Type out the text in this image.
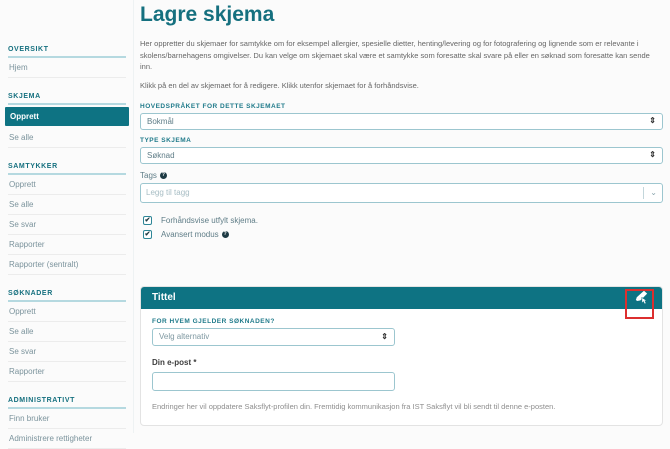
OVERSIKT
Hjem
SKJEMA
Opprett
Se alle
SAMTYKKER
Opprett
Se alle
Se svar
Rapporter
Rapporter (sentralt)
SØKNADER
Opprett
Se alle
Se svar
Rapporter
ADMINISTRATIVT
Finn bruker
Administrere rettigheter
Lagre skjema

Her oppretter du skjemaer for samtykke om for eksempel allergier, spesielle dietter, henting/levering og for fotografering og lignende som er relevante i skolens/barnehagens omgivelser. Du kan velge om skjemaet skal være et samtykke som foresatte skal svare på eller en søknad som foresatte kan sende inn.

Klikk på en del av skjemaet for å redigere. Klikk utenfor skjemaet for å forhåndsvise.

HOVEDSPRÅKET FOR DETTE SKJEMAET
Bokmål	⇕
TYPE SKJEMA
Søknad	⇕
Tags ?
Legg til tagg
⌄
✔ Forhåndsvise utfylt skjema.
✔ Avansert modus ?
Tittel
FOR HVEM GJELDER SØKNADEN?
Velg alternativ	⇕
Din e-post *

Endringer her vil oppdatere Saksflyt-profilen din. Fremtidig kommunikasjon fra IST Saksflyt vil bli sendt til denne e-posten.
